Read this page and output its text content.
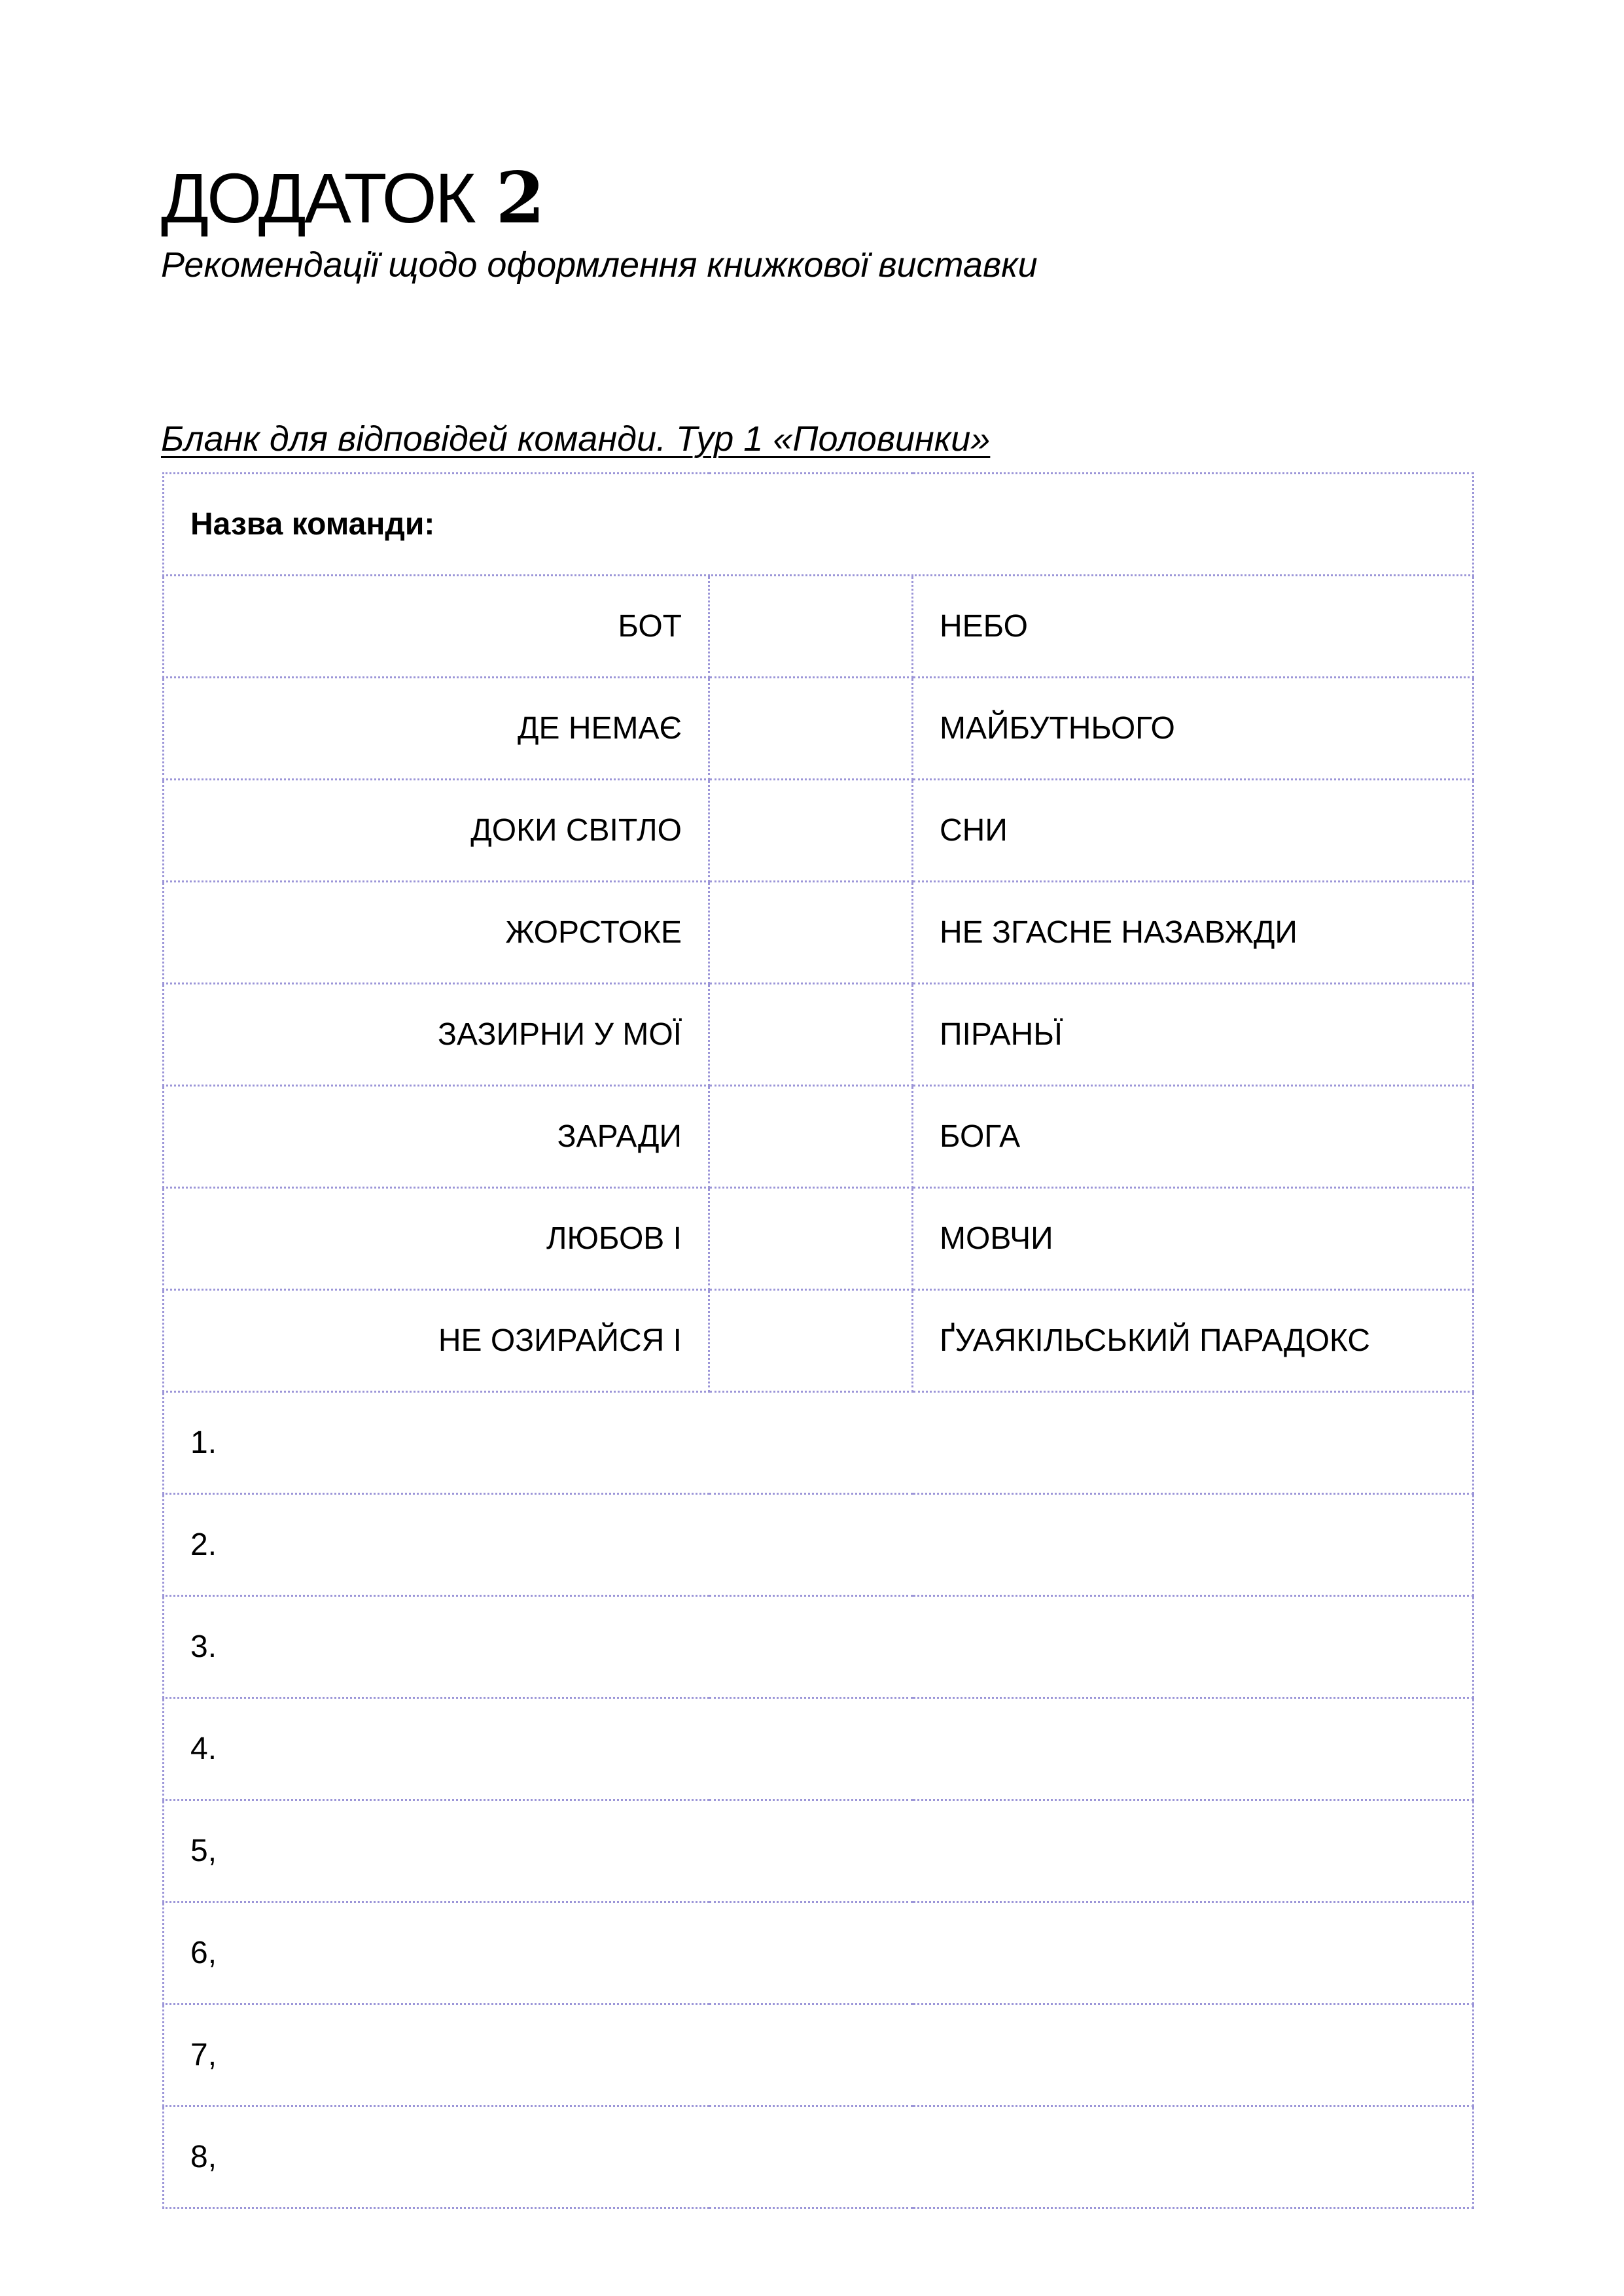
ДОДАТОК 2

Рекомендації щодо оформлення книжкової виставки

Бланк для відповідей команди. Тур 1 «Половинки»

Назва команди:		
БОТ		НЕБО
ДЕ НЕМАЄ		МАЙБУТНЬОГО
ДОКИ СВІТЛО		СНИ
ЖОРСТОКЕ		НЕ ЗГАСНЕ НАЗАВЖДИ
ЗАЗИРНИ У МОЇ		ПІРАНЬЇ
ЗАРАДИ		БОГА
ЛЮБОВ І		МОВЧИ
НЕ ОЗИРАЙСЯ І		ҐУАЯКІЛЬСЬКИЙ ПАРАДОКС
1.		
2.		
3.		
4.		
5,		
6,		
7,		
8,		
